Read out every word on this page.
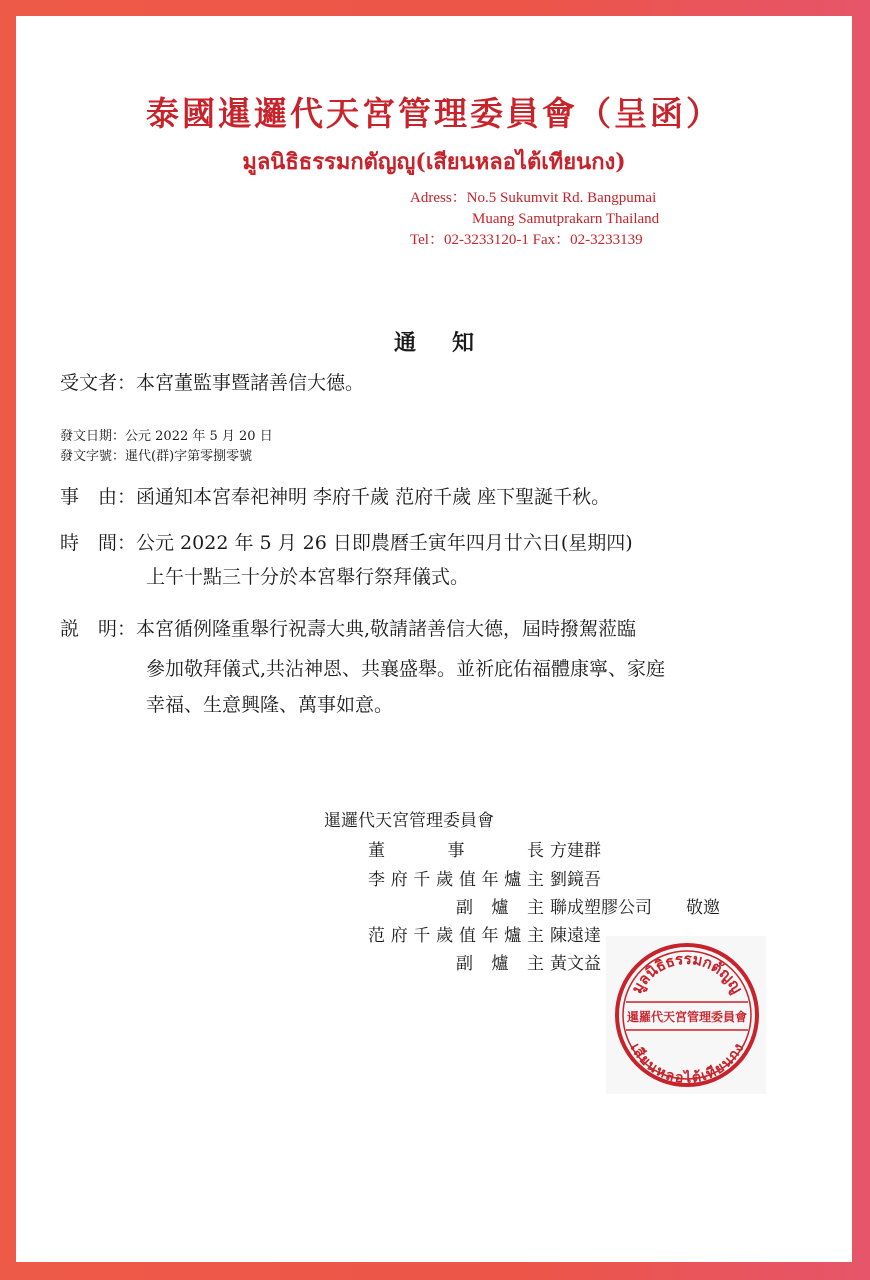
泰國暹邏代天宮管理委員會（呈函）
มูลนิธิธรรมกตัญญู(เสียนหลอไต้เทียนกง)
Adress：No.5 Sukumvit Rd. Bangpumai
Muang Samutprakarn Thailand
Tel：02-3233120-1 Fax：02-3233139
通知
受文者：本宮董監事暨諸善信大德。
發文日期：公元 2022 年 5 月 20 日
發文字號：暹代(群)字第零捌零號
事　由：函通知本宮奉祀神明 李府千歲 范府千歲 座下聖誕千秋。
時　間：公元 2022 年 5 月 26 日即農曆壬寅年四月廿六日(星期四)
上午十點三十分於本宮舉行祭拜儀式。
説　明：本宮循例隆重舉行祝壽大典,敬請諸善信大德，屆時撥駕蒞臨
參加敬拜儀式,共沾神恩、共襄盛舉。並祈庇佑福體康寧、家庭
幸福、生意興隆、萬事如意。
暹邏代天宮管理委員會
董事長 方建群
李府千歲值年爐主 劉鏡吾
副爐主 聯成塑膠公司 敬邀
范府千歲值年爐主 陳遠達
副爐主 黃文益
มูลนิธิธรรมกตัญญู
暹羅代天宮管理委員會
เสียนหลอไต้เทียนกง
